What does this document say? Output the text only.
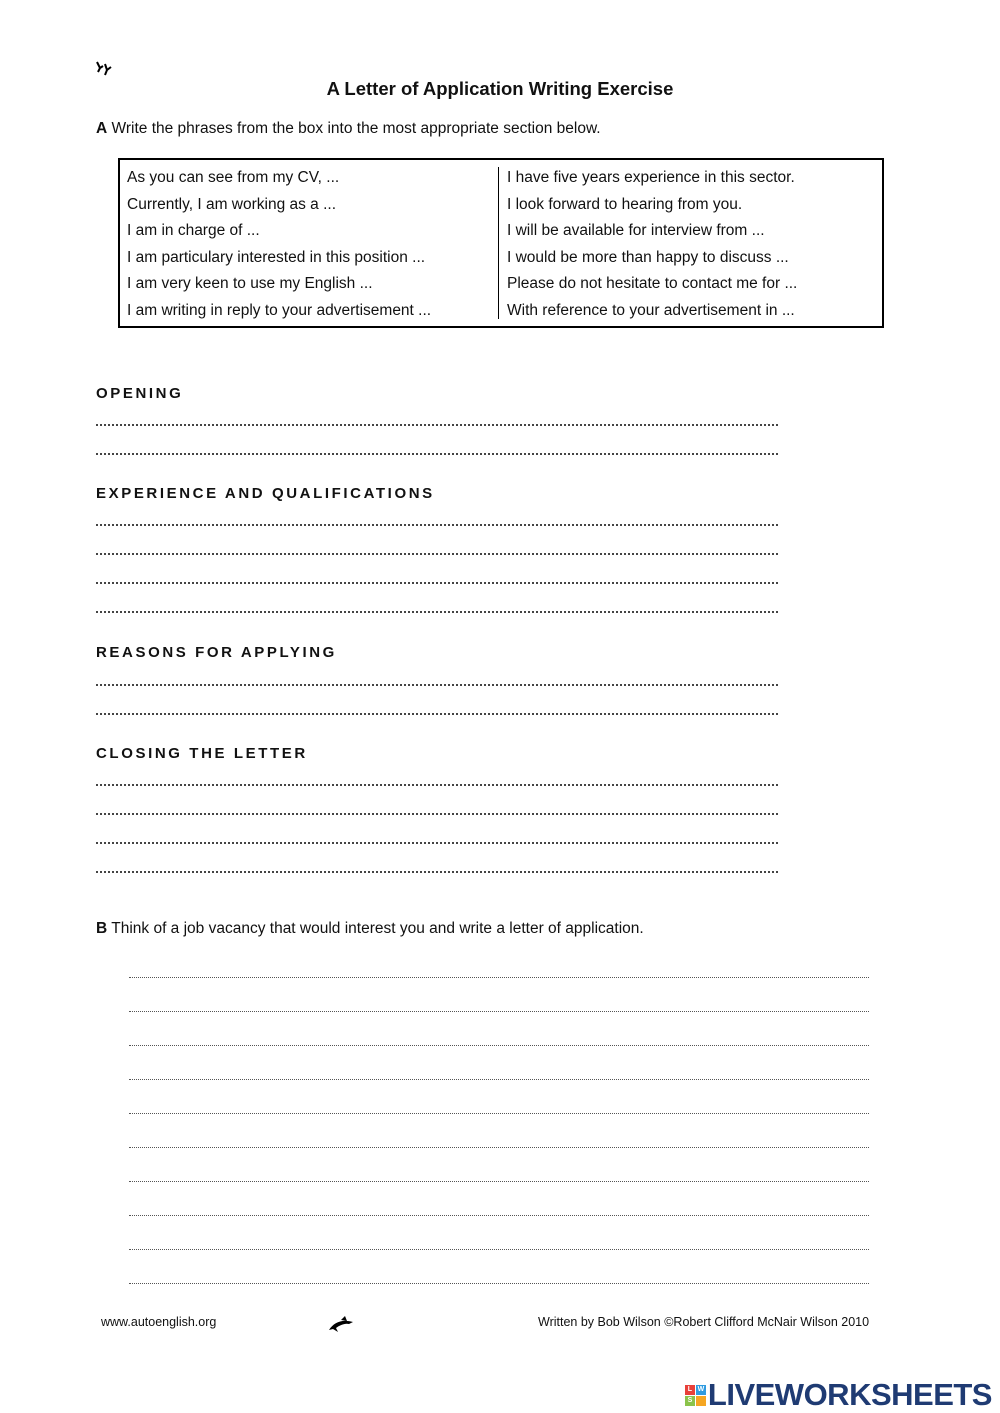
A Letter of Application Writing Exercise
A Write the phrases from the box into the most appropriate section below.
As you can see from my CV, ...
Currently, I am working as a ...
I am in charge of ...
I am particulary interested in this position ...
I am very keen to use my English ...
I am writing in reply to your advertisement ...
I have five years experience in this sector.
I look forward to hearing from you.
I will be available for interview from ...
I would be more than happy to discuss ...
Please do not hesitate to contact me for ...
With reference to your advertisement in ...
OPENING
EXPERIENCE AND QUALIFICATIONS
REASONS FOR APPLYING
CLOSING THE LETTER
B Think of a job vacancy that would interest you and write a letter of application.
www.autoenglish.org	Written by Bob Wilson ©Robert Clifford McNair Wilson 2010
L W
S LIVEWORKSHEETS
